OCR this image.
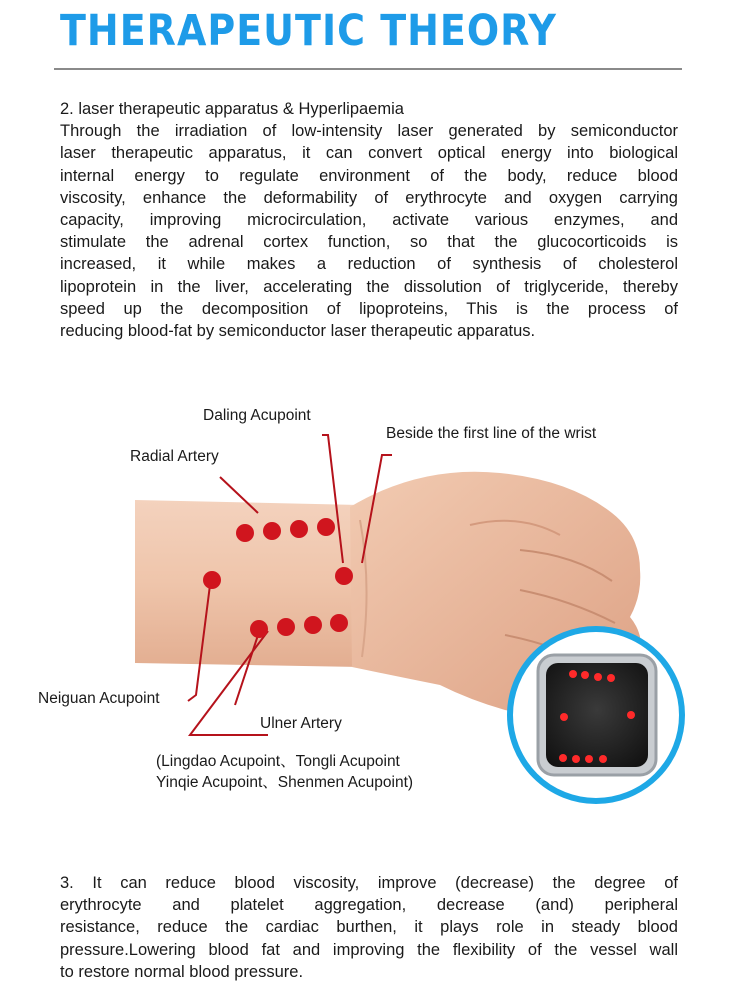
THERAPEUTIC THEORY
2. laser therapeutic apparatus & Hyperlipaemia
Through the irradiation of low-intensity laser generated by semiconductor
laser therapeutic apparatus, it can convert optical energy into biological
internal energy to regulate environment of the body, reduce blood
viscosity, enhance the deformability of erythrocyte and oxygen carrying
capacity, improving microcirculation, activate various enzymes, and
stimulate the adrenal cortex function, so that the glucocorticoids is
increased, it while makes a reduction of synthesis of cholesterol
lipoprotein in the liver, accelerating the dissolution of triglyceride, thereby
speed up the decomposition of lipoproteins, This is the process of
reducing blood-fat by semiconductor laser therapeutic apparatus.
Daling Acupoint
Beside the first line of the wrist
Radial Artery
Neiguan Acupoint
Ulner Artery
(Lingdao Acupoint、Tongli Acupoint
Yinqie Acupoint、Shenmen Acupoint)
3. It can reduce blood viscosity, improve (decrease) the degree of
erythrocyte and platelet aggregation, decrease (and) peripheral
resistance, reduce the cardiac burthen, it plays role in steady blood
pressure.Lowering blood fat and improving the flexibility of the vessel wall
to restore normal blood pressure.
